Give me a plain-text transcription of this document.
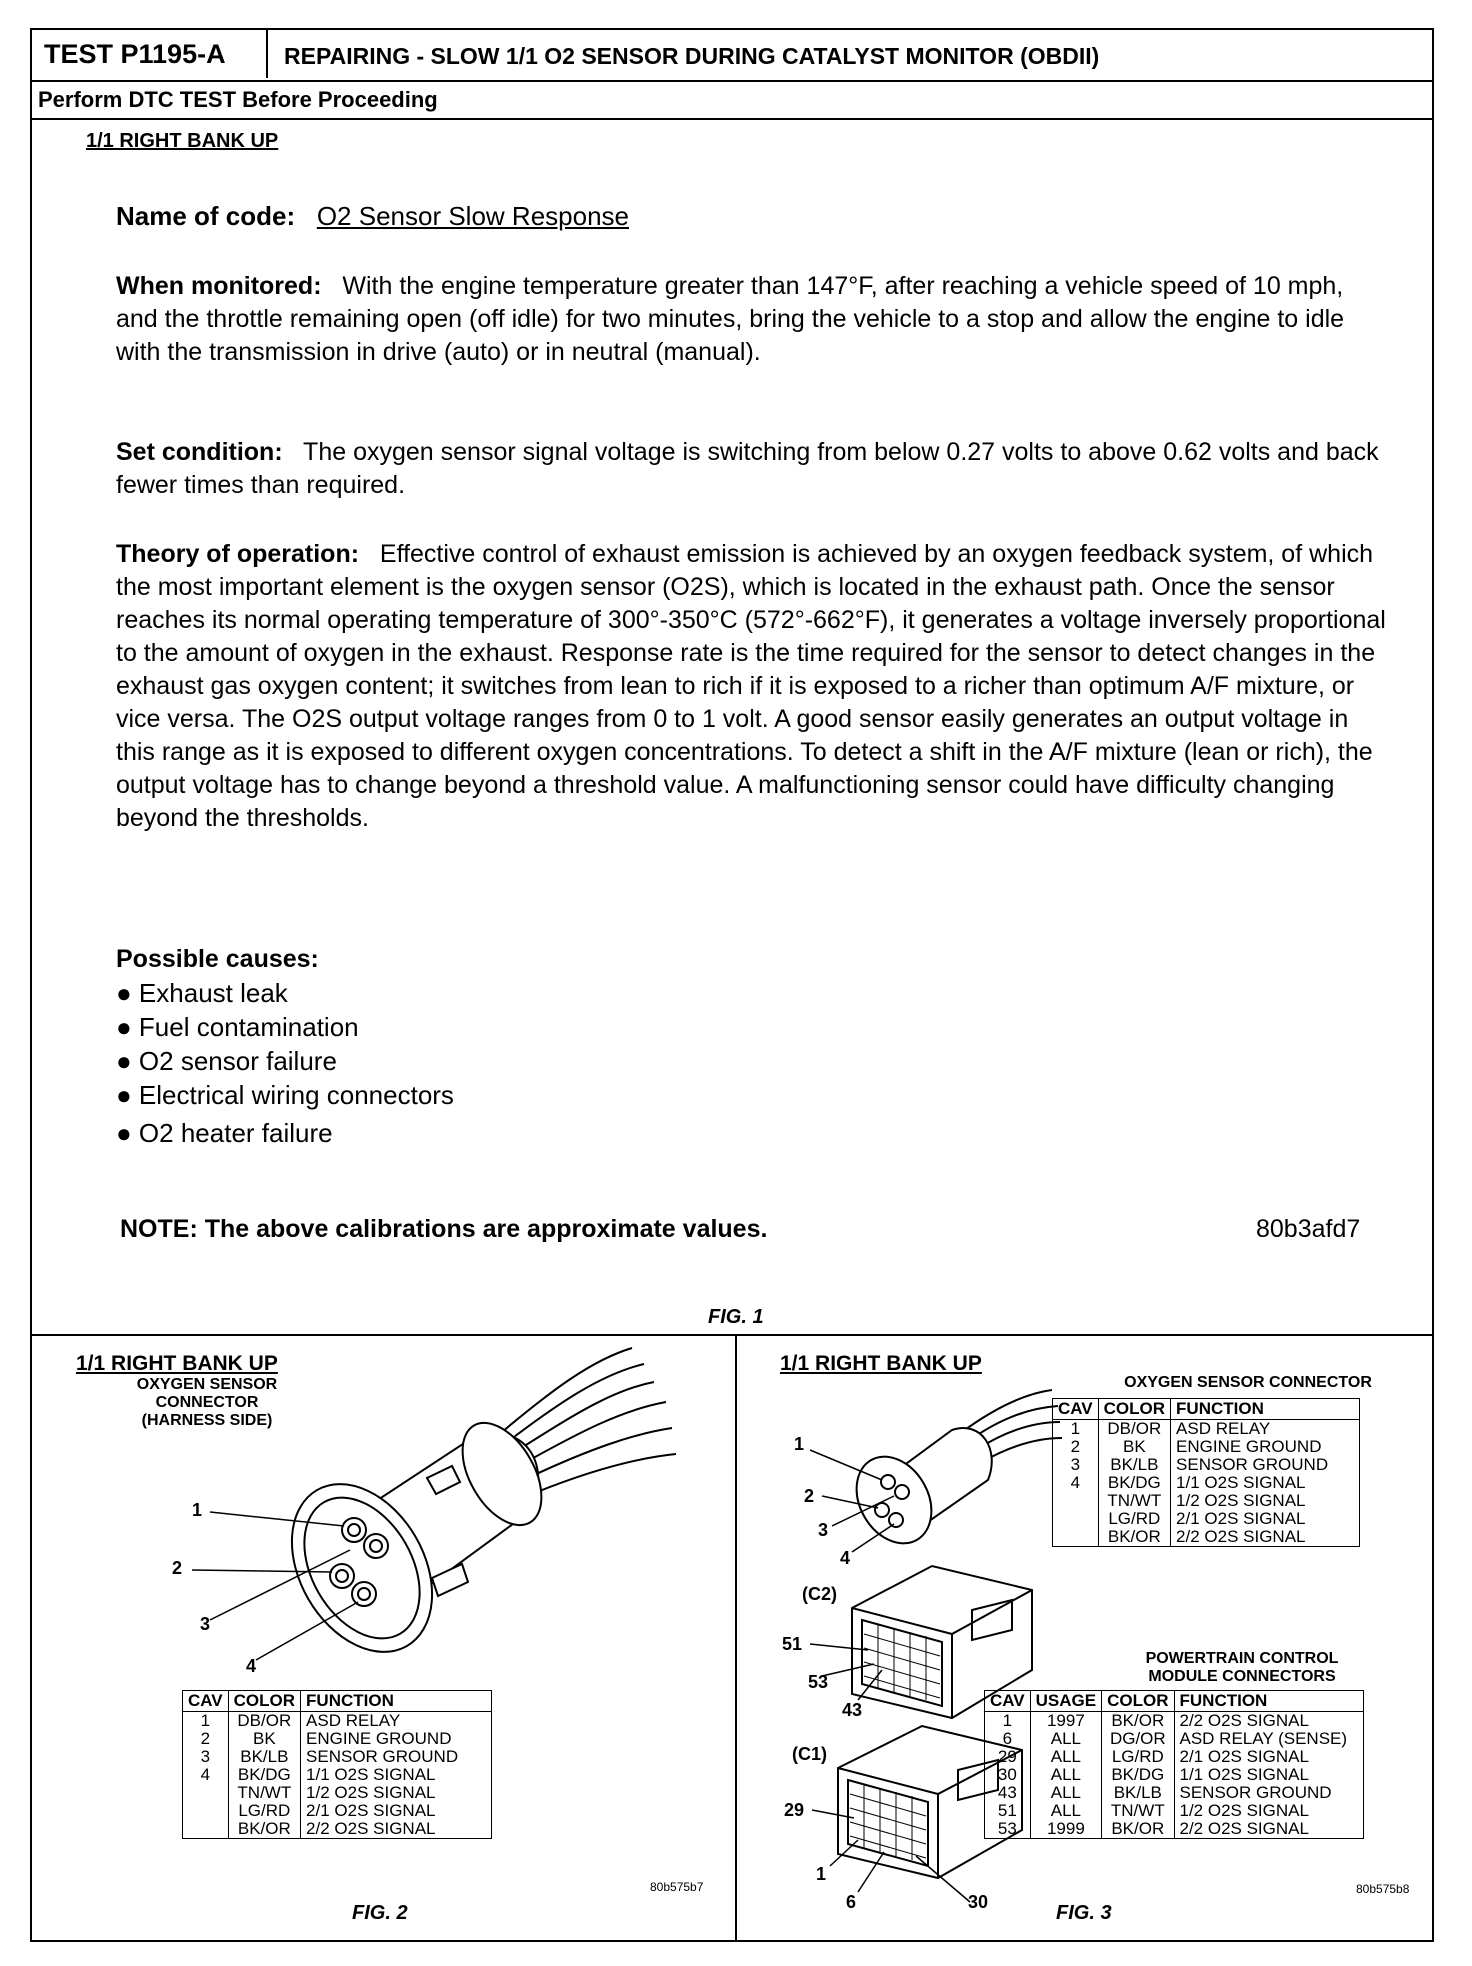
TEST P1195-A	REPAIRING - SLOW 1/1 O2 SENSOR DURING CATALYST MONITOR (OBDII)
Perform DTC TEST Before Proceeding
1/1 RIGHT BANK UP
Name of code: O2 Sensor Slow Response
When monitored: With the engine temperature greater than 147°F, after reaching a vehicle speed of 10 mph, and the throttle remaining open (off idle) for two minutes, bring the vehicle to a stop and allow the engine to idle with the transmission in drive (auto) or in neutral (manual).
Set condition: The oxygen sensor signal voltage is switching from below 0.27 volts to above 0.62 volts and back fewer times than required.
Theory of operation: Effective control of exhaust emission is achieved by an oxygen feedback system, of which the most important element is the oxygen sensor (O2S), which is located in the exhaust path. Once the sensor reaches its normal operating temperature of 300°-350°C (572°-662°F), it generates a voltage inversely proportional to the amount of oxygen in the exhaust. Response rate is the time required for the sensor to detect changes in the exhaust gas oxygen content; it switches from lean to rich if it is exposed to a richer than optimum A/F mixture, or vice versa. The O2S output voltage ranges from 0 to 1 volt. A good sensor easily generates an output voltage in this range as it is exposed to different oxygen concentrations. To detect a shift in the A/F mixture (lean or rich), the output voltage has to change beyond a threshold value. A malfunctioning sensor could have difficulty changing beyond the thresholds.
Possible causes:
● Exhaust leak
● Fuel contamination
● O2 sensor failure
● Electrical wiring connectors
● O2 heater failure
NOTE: The above calibrations are approximate values.	80b3afd7
FIG. 1
1/1 RIGHT BANK UP
OXYGEN SENSOR
CONNECTOR
(HARNESS SIDE)
1
2
3
4
CAV	COLOR	FUNCTION
1	DB/OR	ASD RELAY
2	BK	ENGINE GROUND
3	BK/LB	SENSOR GROUND
4	BK/DG	1/1 O2S SIGNAL
	TN/WT	1/2 O2S SIGNAL
	LG/RD	2/1 O2S SIGNAL
	BK/OR	2/2 O2S SIGNAL
80b575b7
FIG. 2
1/1 RIGHT BANK UP
OXYGEN SENSOR CONNECTOR
CAV	COLOR	FUNCTION
1	DB/OR	ASD RELAY
2	BK	ENGINE GROUND
3	BK/LB	SENSOR GROUND
4	BK/DG	1/1 O2S SIGNAL
	TN/WT	1/2 O2S SIGNAL
	LG/RD	2/1 O2S SIGNAL
	BK/OR	2/2 O2S SIGNAL
1
2
3
4
(C2)
51
53
43
(C1)
29
1
6	30
POWERTRAIN CONTROL
MODULE CONNECTORS
CAV	USAGE	COLOR	FUNCTION
1	1997	BK/OR	2/2 O2S SIGNAL
6	ALL	DG/OR	ASD RELAY (SENSE)
29	ALL	LG/RD	2/1 O2S SIGNAL
30	ALL	BK/DG	1/1 O2S SIGNAL
43	ALL	BK/LB	SENSOR GROUND
51	ALL	TN/WT	1/2 O2S SIGNAL
53	1999	BK/OR	2/2 O2S SIGNAL
80b575b8
FIG. 3
